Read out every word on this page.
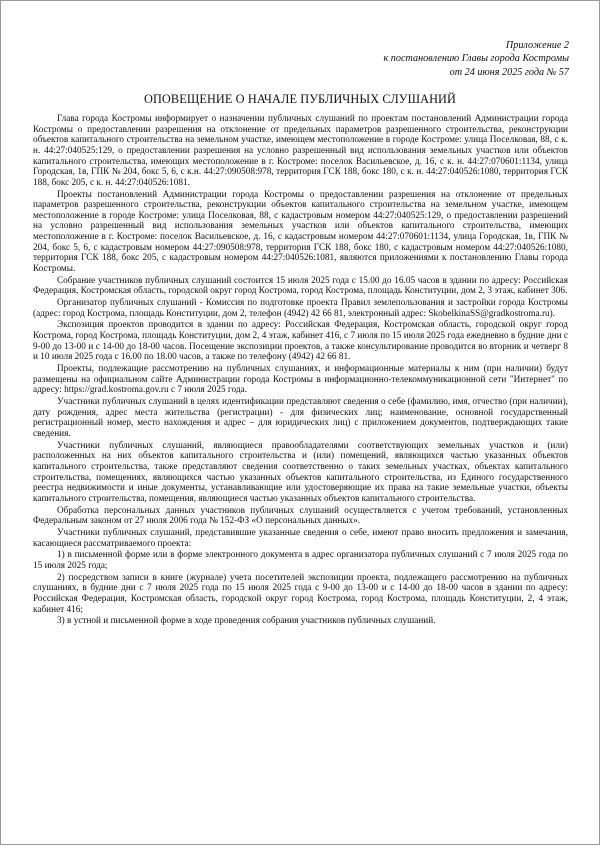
Приложение 2
к постановлению Главы города Костромы
от 24 июня 2025 года № 57
ОПОВЕЩЕНИЕ О НАЧАЛЕ ПУБЛИЧНЫХ СЛУШАНИЙ

Глава города Костромы информирует о назначении публичных слушаний по проектам постановлений Администрации города Костромы о предоставлении разрешения на отклонение от предельных параметров разрешенного строительства, реконструкции объектов капитального строительства на земельном участке, имеющем местоположение в городе Костроме: улица Поселковая, 88, с к. н. 44:27:040525:129, о предоставлении разрешения на условно разрешенный вид использования земельных участков или объектов капитального строительства, имеющих местоположение в г. Костроме: поселок Васильевское, д. 16, с к. н. 44:27:070601:1134, улица Городская, 1в, ГПК № 204, бокс 5, 6, с к.н. 44:27:090508:978, территория ГСК 188, бокс 180, с к. н. 44:27:040526:1080, территория ГСК 188, бокс 205, с к. н. 44:27:040526:1081.

Проекты постановлений Администрации города Костромы о предоставлении разрешения на отклонение от предельных параметров разрешенного строительства, реконструкции объектов капитального строительства на земельном участке, имеющем местоположение в городе Костроме: улица Поселковая, 88, с кадастровым номером 44:27:040525:129, о предоставлении разрешений на условно разрешенный вид использования земельных участков или объектов капитального строительства, имеющих местоположение в г. Костроме: поселок Васильевское, д. 16, с кадастровым номером 44:27:070601:1134, улица Городская, 1в, ГПК № 204, бокс 5, 6, с кадастровым номером 44:27:090508:978, территория ГСК 188, бокс 180, с кадастровым номером 44:27:040526:1080, территория ГСК 188, бокс 205, с кадастровым номером 44:27:040526:1081, являются приложениями к постановлению Главы города Костромы.

Собрание участников публичных слушаний состоится 15 июля 2025 года с 15.00 до 16.05 часов в здании по адресу: Российская Федерация, Костромская область, городской округ город Кострома, город Кострома, площадь Конституции, дом 2, 3 этаж, кабинет 306.

Организатор публичных слушаний - Комиссия по подготовке проекта Правил землепользования и застройки города Костромы (адрес: город Кострома, площадь Конституции, дом 2, телефон (4942) 42 66 81, электронный адрес: SkobelkinaSS@gradkostroma.ru).

Экспозиция проектов проводится в здании по адресу: Российская Федерация, Костромская область, городской округ город Кострома, город Кострома, площадь Конституции, дом 2, 4 этаж, кабинет 416, с 7 июля по 15 июля 2025 года ежедневно в будние дни с 9-00 до 13-00 и с 14-00 до 18-00 часов. Посещение экспозиции проектов, а также консультирование проводится во вторник и четверг 8 и 10 июля 2025 года с 16.00 по 18.00 часов, а также по телефону (4942) 42 66 81.

Проекты, подлежащие рассмотрению на публичных слушаниях, и информационные материалы к ним (при наличии) будут размещены на официальном сайте Администрации города Костромы в информационно-телекоммуникационной сети "Интернет" по адресу: https://grad.kostroma.gov.ru с 7 июля 2025 года.

Участники публичных слушаний в целях идентификации представляют сведения о себе (фамилию, имя, отчество (при наличии), дату рождения, адрес места жительства (регистрации) - для физических лиц; наименование, основной государственный регистрационный номер, место нахождения и адрес – для юридических лиц) с приложением документов, подтверждающих такие сведения.

Участники публичных слушаний, являющиеся правообладателями соответствующих земельных участков и (или) расположенных на них объектов капитального строительства и (или) помещений, являющихся частью указанных объектов капитального строительства, также представляют сведения соответственно о таких земельных участках, объектах капитального строительства, помещениях, являющихся частью указанных объектов капитального строительства, из Единого государственного реестра недвижимости и иные документы, устанавливающие или удостоверяющие их права на такие земельные участки, объекты капитального строительства, помещения, являющиеся частью указанных объектов капитального строительства.

Обработка персональных данных участников публичных слушаний осуществляется с учетом требований, установленных Федеральным законом от 27 июля 2006 года № 152-ФЗ «О персональных данных».

Участники публичных слушаний, представившие указанные сведения о себе, имеют право вносить предложения и замечания, касающиеся рассматриваемого проекта:

1) в письменной форме или в форме электронного документа в адрес организатора публичных слушаний с 7 июля 2025 года по 15 июля 2025 года;

2) посредством записи в книге (журнале) учета посетителей экспозиции проекта, подлежащего рассмотрению на публичных слушаниях, в будние дни с 7 июля 2025 года по 15 июля 2025 года с 9-00 до 13-00 и с 14-00 до 18-00 часов в здании по адресу: Российская Федерация, Костромская область, городской округ город Кострома, город Кострома, площадь Конституции, 2, 4 этаж, кабинет 416;

3) в устной и письменной форме в ходе проведения собрания участников публичных слушаний.
